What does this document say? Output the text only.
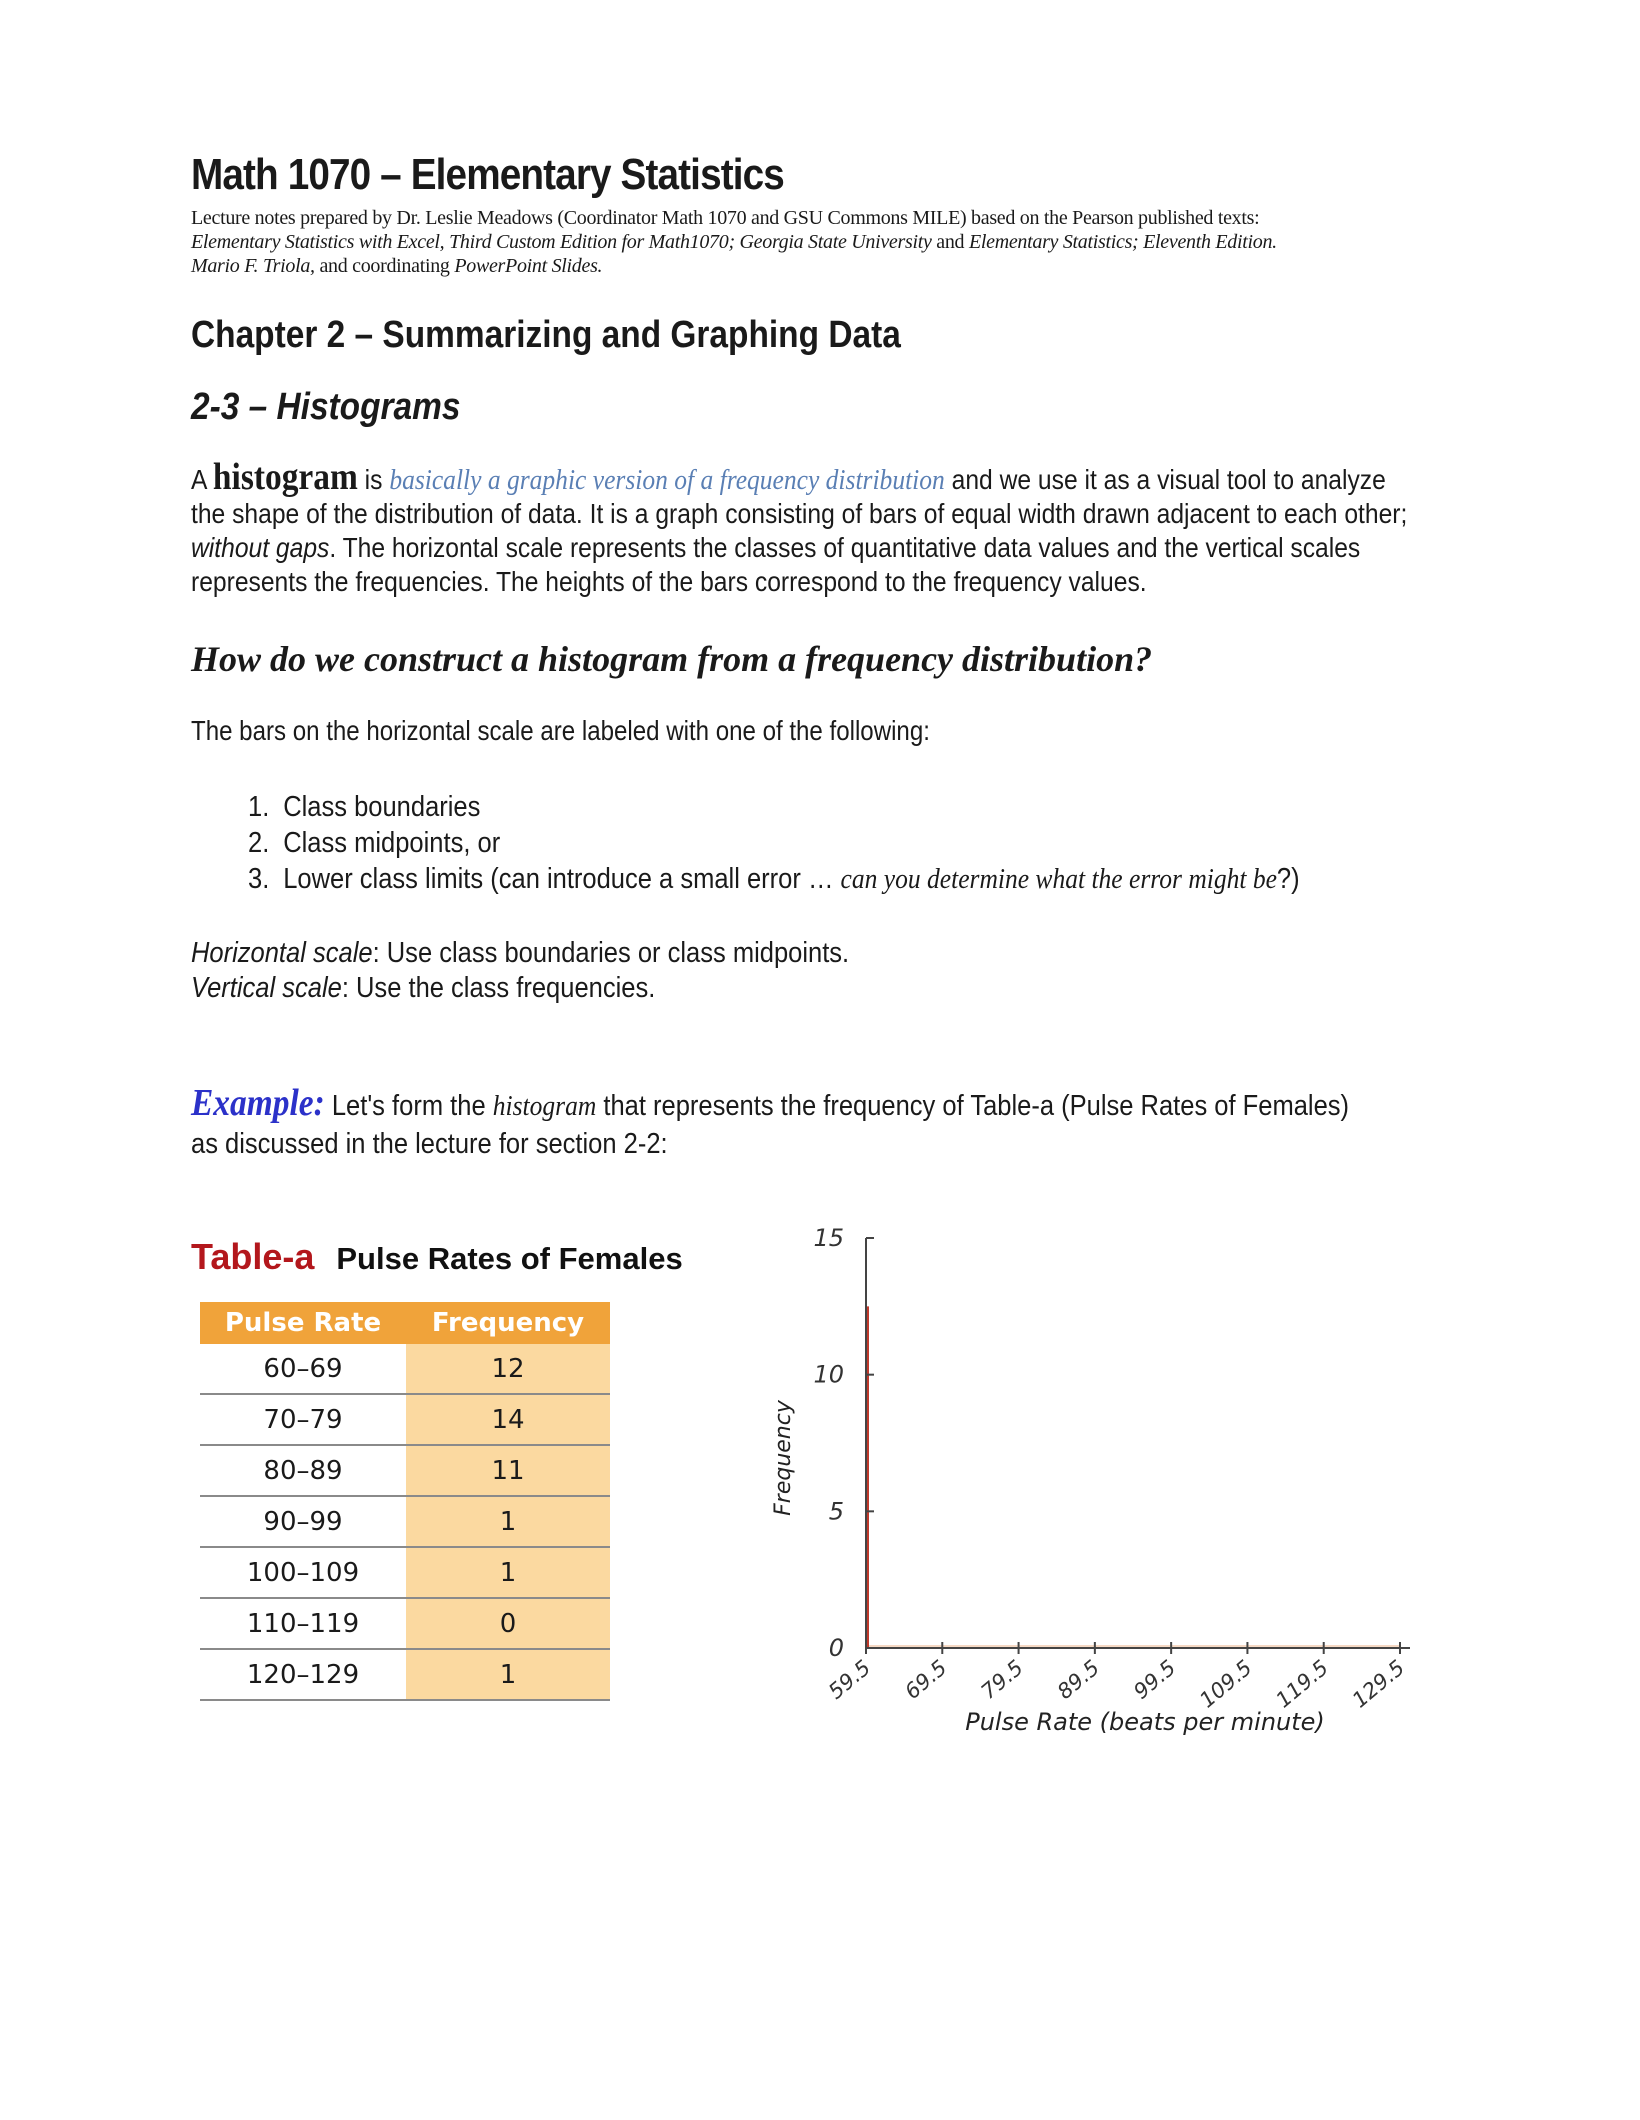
Math 1070 – Elementary Statistics
Lecture notes prepared by Dr. Leslie Meadows (Coordinator Math 1070 and GSU Commons MILE) based on the Pearson published texts:
Elementary Statistics with Excel, Third Custom Edition for Math1070; Georgia State University and Elementary Statistics; Eleventh Edition.
Mario F. Triola, and coordinating PowerPoint Slides.
Chapter 2 – Summarizing and Graphing Data
2-3 – Histograms

A histogram is basically a graphic version of a frequency distribution and we use it as a visual tool to analyze the shape of the distribution of data. It is a graph consisting of bars of equal width drawn adjacent to each other; without gaps. The horizontal scale represents the classes of quantitative data values and the vertical scales represents the frequencies. The heights of the bars correspond to the frequency values.

How do we construct a histogram from a frequency distribution?

The bars on the horizontal scale are labeled with one of the following:

1. Class boundaries
2. Class midpoints, or
3. Lower class limits (can introduce a small error … can you determine what the error might be?)

Horizontal scale: Use class boundaries or class midpoints.
Vertical scale: Use the class frequencies.

Example: Let's form the histogram that represents the frequency of Table-a (Pulse Rates of Females) as discussed in the lecture for section 2-2:

Table-a Pulse Rates of Females
Pulse Rate	Frequency
60–69	12
70–79	14
80–89	11
90–99	1
100–109	1
110–119	0
120–129	1
Frequency
Pulse Rate (beats per minute)
0
5
10
15
59.5 69.5 79.5 89.5 99.5 109.5 119.5 129.5
